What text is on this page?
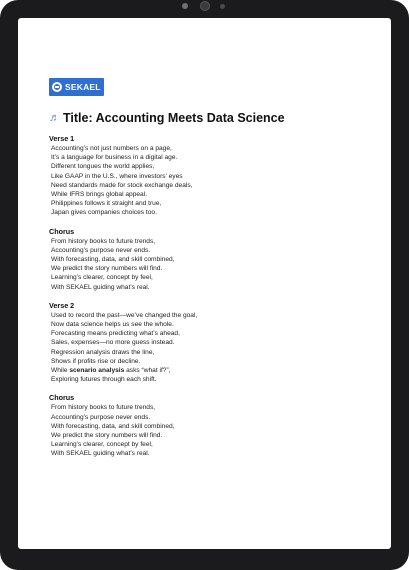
SEKAEL
♬ Title: Accounting Meets Data Science
Verse 1
Accounting’s not just numbers on a page,
It’s a language for business in a digital age.
Different tongues the world applies,
Like GAAP in the U.S., where investors’ eyes
Need standards made for stock exchange deals,
While IFRS brings global appeal.
Philippines follows it straight and true,
Japan gives companies choices too.
Chorus
From history books to future trends,
Accounting’s purpose never ends.
With forecasting, data, and skill combined,
We predict the story numbers will find.
Learning’s clearer, concept by feel,
With SEKAEL guiding what’s real.
Verse 2
Used to record the past—we’ve changed the goal,
Now data science helps us see the whole.
Forecasting means predicting what’s ahead,
Sales, expenses—no more guess instead.
Regression analysis draws the line,
Shows if profits rise or decline.
While scenario analysis asks “what if?”,
Exploring futures through each shift.
Chorus
From history books to future trends,
Accounting’s purpose never ends.
With forecasting, data, and skill combined,
We predict the story numbers will find.
Learning’s clearer, concept by feel,
With SEKAEL guiding what’s real.
